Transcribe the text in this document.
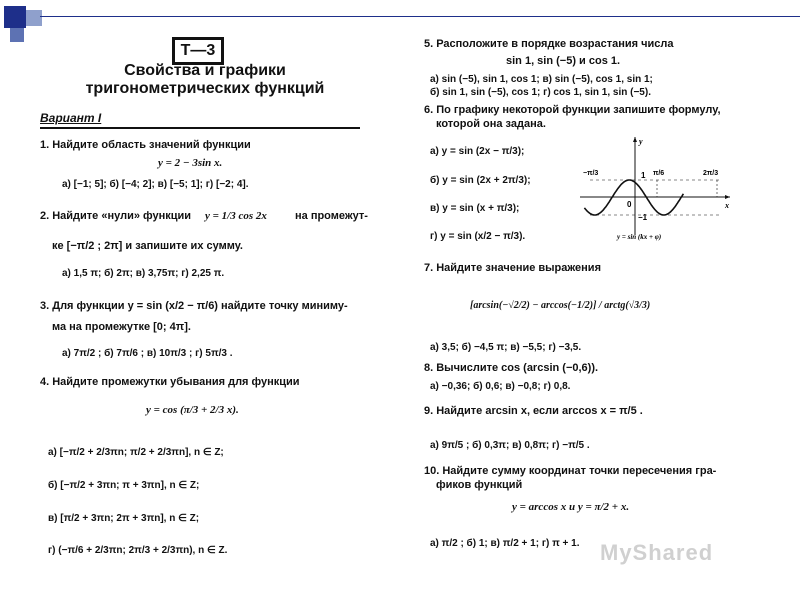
Т—3
Свойства и графики
тригонометрических функций
Вариант I
1. Найдите область значений функции
y = 2 − 3sin x.
а) [−1; 5]; б) [−4; 2]; в) [−5; 1]; г) [−2; 4].
2. Найдите «нули» функции y = 1/3 cos 2x	на промежут-
ке [−π/2 ; 2π] и запишите их сумму.
а) 1,5 π; б) 2π; в) 3,75π; г) 2,25 π.
3. Для функции y = sin (x/2 − π/6) найдите точку миниму-
ма на промежутке [0; 4π].
а) 7π/2 ; б) 7π/6 ; в) 10π/3 ; г) 5π/3 .
4. Найдите промежутки убывания для функции
y = cos (π/3 + 2/3 x).
а) [−π/2 + 2/3πn; π/2 + 2/3πn], n ∈ Z;
б) [−π/2 + 3πn; π + 3πn], n ∈ Z;
в) [π/2 + 3πn; 2π + 3πn], n ∈ Z;
г) (−π/6 + 2/3πn; 2π/3 + 2/3πn), n ∈ Z.
5. Расположите в порядке возрастания числа
sin 1, sin (−5) и cos 1.
а) sin (−5), sin 1, cos 1; в) sin (−5), cos 1, sin 1;
б) sin 1, sin (−5), cos 1; г) cos 1, sin 1, sin (−5).
6. По графику некоторой функции запишите формулу,
которой она задана.
а) y = sin (2x − π/3);
б) y = sin (2x + 2π/3);
в) y = sin (x + π/3);
г) y = sin (x/2 − π/3).
y
x
1
−1
0
−π/3	π/6	2π/3
y = sin (kx + φ)
7. Найдите значение выражения
[arcsin(−√2/2) − arccos(−1/2)] / arctg(√3/3)
а) 3,5; б) −4,5 π; в) −5,5; г) −3,5.
8. Вычислите cos (arcsin (−0,6)).
а) −0,36; б) 0,6; в) −0,8; г) 0,8.
9. Найдите arcsin x, если arccos x = π/5 .
а) 9π/5 ; б) 0,3π; в) 0,8π; г) −π/5 .
10. Найдите сумму координат точки пересечения гра-
фиков функций
y = arccos x и y = π/2 + x.
а) π/2 ; б) 1; в) π/2 + 1; г) π + 1. MyShared
